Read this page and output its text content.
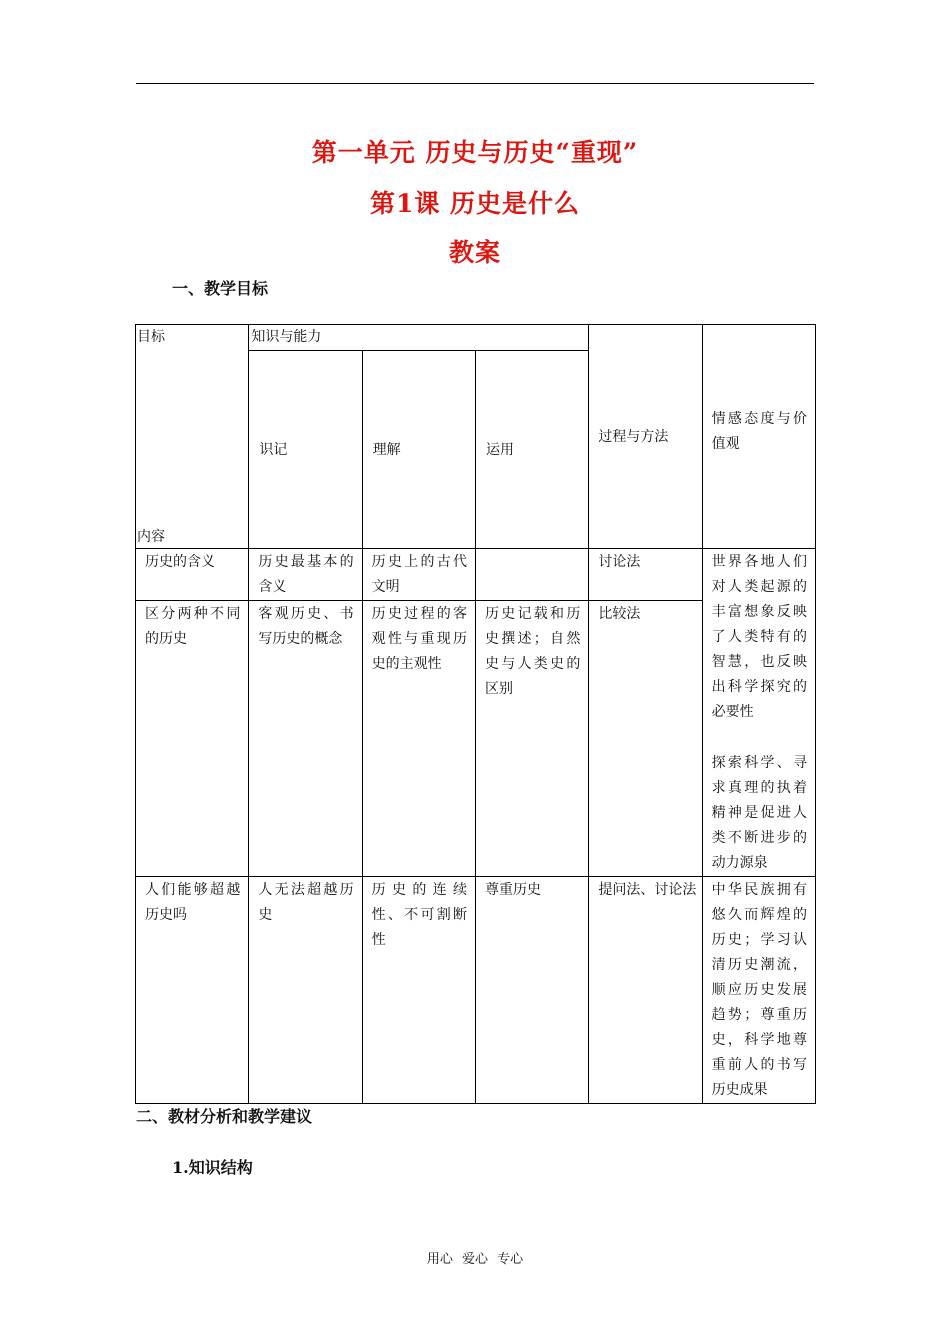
第一单元 历史与历史“重现”
第1课 历史是什么
教案
一、教学目标
目标
内容	知识与能力			过程与方法	情感态度与价值观

	识记	理解	运用		

历史的含义	历史最基本的含义	历史上的古代文明		讨论法	世界各地人们对人类起源的丰富想象反映了人类特有的智慧，也反映出科学探究的必要性
探索科学、寻求真理的执着精神是促进人类不断进步的动力源泉

区分两种不同的历史	客观历史、书写历史的概念	历史过程的客观性与重现历史的主观性	历史记载和历史撰述；自然史与人类史的区别	比较法	

人们能够超越历史吗	人无法超越历史	历史的连续性、不可割断性	尊重历史	提问法、讨论法	中华民族拥有悠久而辉煌的历史；学习认清历史潮流，顺应历史发展趋势；尊重历史，科学地尊重前人的书写历史成果
二、教材分析和教学建议
1.知识结构
用心 爱心 专心
